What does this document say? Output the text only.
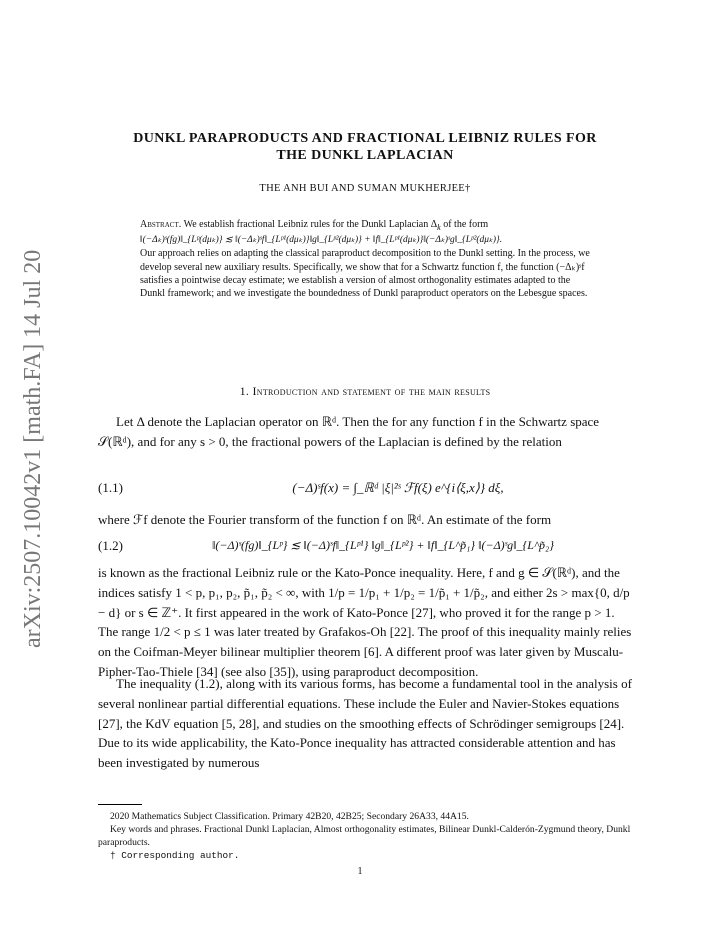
arXiv:2507.10042v1 [math.FA] 14 Jul 2025
DUNKL PARAPRODUCTS AND FRACTIONAL LEIBNIZ RULES FOR
THE DUNKL LAPLACIAN
THE ANH BUI AND SUMAN MUKHERJEE†
Abstract. We establish fractional Leibniz rules for the Dunkl Laplacian $\Delta_k$ of the form
‖(−Δₖ)ˢ(fg)‖_{Lᵖ(dμₖ)} ≲ ‖(−Δₖ)ˢf‖_{Lᵖ¹(dμₖ)}‖g‖_{Lᵖ²(dμₖ)} + ‖f‖_{Lᵖ¹(dμₖ)}‖(−Δₖ)ˢg‖_{Lᵖ²(dμₖ)}.
Our approach relies on adapting the classical paraproduct decomposition to the Dunkl setting. In the process, we develop several new auxiliary results. Specifically, we show that for a Schwartz function f, the function (−Δₖ)ˢf satisfies a pointwise decay estimate; we establish a version of almost orthogonality estimates adapted to the Dunkl framework; and we investigate the boundedness of Dunkl paraproduct operators on the Lebesgue spaces.
1. Introduction and statement of the main results
Let Δ denote the Laplacian operator on ℝᵈ. Then the for any function f in the Schwartz space 𝒮(ℝᵈ), and for any s > 0, the fractional powers of the Laplacian is defined by the relation
(1.1)	(−Δ)ˢf(x) = ∫_ℝᵈ |ξ|²ˢ ℱf(ξ) e^{i⟨ξ,x⟩} dξ,
where ℱf denote the Fourier transform of the function f on ℝᵈ. An estimate of the form
(1.2)	‖(−Δ)ˢ(fg)‖_{Lᵖ} ≲ ‖(−Δ)ˢf‖_{Lᵖ¹} ‖g‖_{Lᵖ²} + ‖f‖_{L^p̃₁} ‖(−Δ)ˢg‖_{L^p̃₂}
is known as the fractional Leibniz rule or the Kato-Ponce inequality. Here, f and g ∈ 𝒮(ℝᵈ), and the indices satisfy 1 < p, p₁, p₂, p̃₁, p̃₂ < ∞, with 1/p = 1/p₁ + 1/p₂ = 1/p̃₁ + 1/p̃₂, and either 2s > max{0, d/p − d} or s ∈ ℤ⁺. It first appeared in the work of Kato-Ponce [27], who proved it for the range p > 1. The range 1/2 < p ≤ 1 was later treated by Grafakos-Oh [22]. The proof of this inequality mainly relies on the Coifman-Meyer bilinear multiplier theorem [6]. A different proof was later given by Muscalu-Pipher-Tao-Thiele [34] (see also [35]), using paraproduct decomposition.
The inequality (1.2), along with its various forms, has become a fundamental tool in the analysis of several nonlinear partial differential equations. These include the Euler and Navier-Stokes equations [27], the KdV equation [5, 28], and studies on the smoothing effects of Schrödinger semigroups [24]. Due to its wide applicability, the Kato-Ponce inequality has attracted considerable attention and has been investigated by numerous
2020 Mathematics Subject Classification. Primary 42B20, 42B25; Secondary 26A33, 44A15.
Key words and phrases. Fractional Dunkl Laplacian, Almost orthogonality estimates, Bilinear Dunkl-Calderón-Zygmund theory, Dunkl paraproducts.
† Corresponding author.
1
